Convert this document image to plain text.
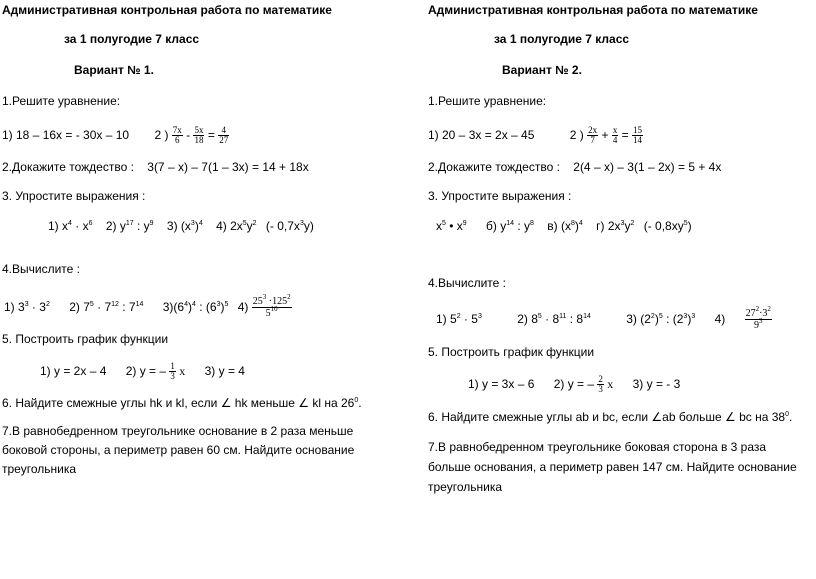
Административная контрольная работа по математике
за 1 полугодие 7 класс
Вариант № 1.
1.Решите уравнение:
1) 18 – 16x = - 30x – 10 2 ) $\frac{7x}{6} - \frac{5x}{18} = \frac{4}{27}$
2.Докажите тождество : 3(7 – x) – 7(1 – 3x) = 14 + 18x
3. Упростите выражения :
1) $x^4 \cdot x^6$ 2) $y^{17}$ : $y^9$ 3) $(x^3)^4$ 4) $2x^5y^2$ (- $0,7x^3y$)
4.Вычислите :
1) $3^3 \cdot 3^2$ 2) $7^5 \cdot 7^{12}$ : $7^{14}$ $3)(6^4)^4$ : $(6^3)^5$ $4) \frac{25^3 \cdot 125^2}{5^{10}}$
5. Построить график функции
1) y = 2x – 4 2) y = – $\frac{1}{3}$ x 3) y = 4
6. Найдите смежные углы hk и kl, если ∠ hk меньше ∠ kl на $26^0$.
7.В равнобедренном треугольнике основание в 2 раза меньше
боковой стороны, а периметр равен 60 см. Найдите основание
треугольника
Административная контрольная работа по математике
за 1 полугодие 7 класс
Вариант № 2.
1.Решите уравнение:
1) 20 – 3x = 2x – 45	2 ) $\frac{2x}{7} + \frac{x}{4} = \frac{15}{14}$
2.Докажите тождество : 2(4 – x) – 3(1 – 2x) = 5 + 4x
3. Упростите выражения :
$x^5$ • $x^9$ б) $y^{14}$ : $y^8$ в) $(x^8)^4$ г) $2x^3y^2$ (- $0,8xy^5$)
4.Вычислите :
1) $5^2 \cdot 5^3$	2) $8^5 \cdot 8^{11}$ : $8^{14}$	3) $(2^2)^5$ : $(2^3)^3$ $4) \frac{27^2\cdot 3^2}{9^3}$
5. Построить график функции
1) y = 3x – 6 2) y = – $\frac{2}{3}$ x 3) y = - 3
6. Найдите смежные углы ab и bc, если ∠ab больше ∠ bc на $38^0$.
7.В равнобедренном треугольнике боковая сторона в 3 раза
больше основания, а периметр равен 147 см. Найдите основание
треугольника
